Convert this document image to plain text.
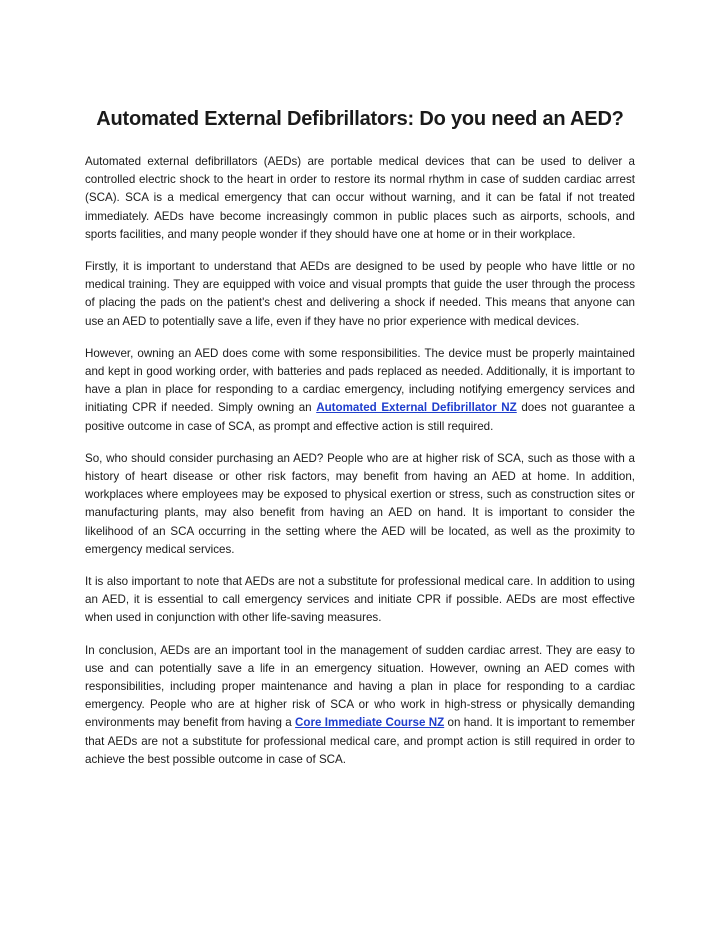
Automated External Defibrillators: Do you need an AED?

Automated external defibrillators (AEDs) are portable medical devices that can be used to deliver a controlled electric shock to the heart in order to restore its normal rhythm in case of sudden cardiac arrest (SCA). SCA is a medical emergency that can occur without warning, and it can be fatal if not treated immediately. AEDs have become increasingly common in public places such as airports, schools, and sports facilities, and many people wonder if they should have one at home or in their workplace.

Firstly, it is important to understand that AEDs are designed to be used by people who have little or no medical training. They are equipped with voice and visual prompts that guide the user through the process of placing the pads on the patient's chest and delivering a shock if needed. This means that anyone can use an AED to potentially save a life, even if they have no prior experience with medical devices.

However, owning an AED does come with some responsibilities. The device must be properly maintained and kept in good working order, with batteries and pads replaced as needed. Additionally, it is important to have a plan in place for responding to a cardiac emergency, including notifying emergency services and initiating CPR if needed. Simply owning an Automated External Defibrillator NZ does not guarantee a positive outcome in case of SCA, as prompt and effective action is still required.

So, who should consider purchasing an AED? People who are at higher risk of SCA, such as those with a history of heart disease or other risk factors, may benefit from having an AED at home. In addition, workplaces where employees may be exposed to physical exertion or stress, such as construction sites or manufacturing plants, may also benefit from having an AED on hand. It is important to consider the likelihood of an SCA occurring in the setting where the AED will be located, as well as the proximity to emergency medical services.

It is also important to note that AEDs are not a substitute for professional medical care. In addition to using an AED, it is essential to call emergency services and initiate CPR if possible. AEDs are most effective when used in conjunction with other life-saving measures.

In conclusion, AEDs are an important tool in the management of sudden cardiac arrest. They are easy to use and can potentially save a life in an emergency situation. However, owning an AED comes with responsibilities, including proper maintenance and having a plan in place for responding to a cardiac emergency. People who are at higher risk of SCA or who work in high-stress or physically demanding environments may benefit from having a Core Immediate Course NZ on hand. It is important to remember that AEDs are not a substitute for professional medical care, and prompt action is still required in order to achieve the best possible outcome in case of SCA.
